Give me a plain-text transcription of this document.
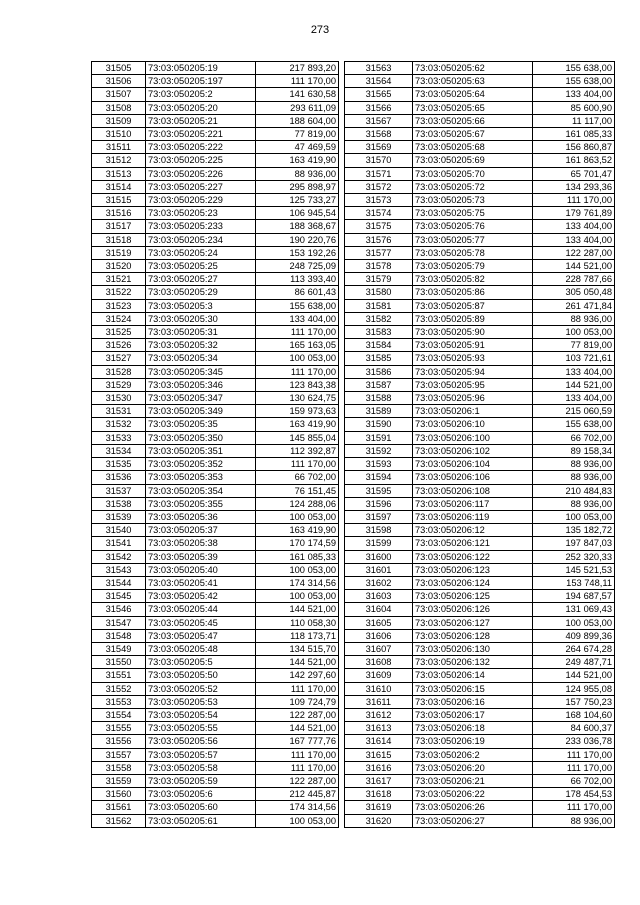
273
31505	73:03:050205:19	217 893,20
31506	73:03:050205:197	111 170,00
31507	73:03:050205:2	141 630,58
31508	73:03:050205:20	293 611,09
31509	73:03:050205:21	188 604,00
31510	73:03:050205:221	77 819,00
31511	73:03:050205:222	47 469,59
31512	73:03:050205:225	163 419,90
31513	73:03:050205:226	88 936,00
31514	73:03:050205:227	295 898,97
31515	73:03:050205:229	125 733,27
31516	73:03:050205:23	106 945,54
31517	73:03:050205:233	188 368,67
31518	73:03:050205:234	190 220,76
31519	73:03:050205:24	153 192,26
31520	73:03:050205:25	248 725,09
31521	73:03:050205:27	113 393,40
31522	73:03:050205:29	86 601,43
31523	73:03:050205:3	155 638,00
31524	73:03:050205:30	133 404,00
31525	73:03:050205:31	111 170,00
31526	73:03:050205:32	165 163,05
31527	73:03:050205:34	100 053,00
31528	73:03:050205:345	111 170,00
31529	73:03:050205:346	123 843,38
31530	73:03:050205:347	130 624,75
31531	73:03:050205:349	159 973,63
31532	73:03:050205:35	163 419,90
31533	73:03:050205:350	145 855,04
31534	73:03:050205:351	112 392,87
31535	73:03:050205:352	111 170,00
31536	73:03:050205:353	66 702,00
31537	73:03:050205:354	76 151,45
31538	73:03:050205:355	124 288,06
31539	73:03:050205:36	100 053,00
31540	73:03:050205:37	163 419,90
31541	73:03:050205:38	170 174,59
31542	73:03:050205:39	161 085,33
31543	73:03:050205:40	100 053,00
31544	73:03:050205:41	174 314,56
31545	73:03:050205:42	100 053,00
31546	73:03:050205:44	144 521,00
31547	73:03:050205:45	110 058,30
31548	73:03:050205:47	118 173,71
31549	73:03:050205:48	134 515,70
31550	73:03:050205:5	144 521,00
31551	73:03:050205:50	142 297,60
31552	73:03:050205:52	111 170,00
31553	73:03:050205:53	109 724,79
31554	73:03:050205:54	122 287,00
31555	73:03:050205:55	144 521,00
31556	73:03:050205:56	167 777,76
31557	73:03:050205:57	111 170,00
31558	73:03:050205:58	111 170,00
31559	73:03:050205:59	122 287,00
31560	73:03:050205:6	212 445,87
31561	73:03:050205:60	174 314,56
31562	73:03:050205:61	100 053,00
31563	73:03:050205:62	155 638,00
31564	73:03:050205:63	155 638,00
31565	73:03:050205:64	133 404,00
31566	73:03:050205:65	85 600,90
31567	73:03:050205:66	11 117,00
31568	73:03:050205:67	161 085,33
31569	73:03:050205:68	156 860,87
31570	73:03:050205:69	161 863,52
31571	73:03:050205:70	65 701,47
31572	73:03:050205:72	134 293,36
31573	73:03:050205:73	111 170,00
31574	73:03:050205:75	179 761,89
31575	73:03:050205:76	133 404,00
31576	73:03:050205:77	133 404,00
31577	73:03:050205:78	122 287,00
31578	73:03:050205:79	144 521,00
31579	73:03:050205:82	228 787,66
31580	73:03:050205:86	305 050,48
31581	73:03:050205:87	261 471,84
31582	73:03:050205:89	88 936,00
31583	73:03:050205:90	100 053,00
31584	73:03:050205:91	77 819,00
31585	73:03:050205:93	103 721,61
31586	73:03:050205:94	133 404,00
31587	73:03:050205:95	144 521,00
31588	73:03:050205:96	133 404,00
31589	73:03:050206:1	215 060,59
31590	73:03:050206:10	155 638,00
31591	73:03:050206:100	66 702,00
31592	73:03:050206:102	89 158,34
31593	73:03:050206:104	88 936,00
31594	73:03:050206:106	88 936,00
31595	73:03:050206:108	210 484,83
31596	73:03:050206:117	88 936,00
31597	73:03:050206:119	100 053,00
31598	73:03:050206:12	135 182,72
31599	73:03:050206:121	197 847,03
31600	73:03:050206:122	252 320,33
31601	73:03:050206:123	145 521,53
31602	73:03:050206:124	153 748,11
31603	73:03:050206:125	194 687,57
31604	73:03:050206:126	131 069,43
31605	73:03:050206:127	100 053,00
31606	73:03:050206:128	409 899,36
31607	73:03:050206:130	264 674,28
31608	73:03:050206:132	249 487,71
31609	73:03:050206:14	144 521,00
31610	73:03:050206:15	124 955,08
31611	73:03:050206:16	157 750,23
31612	73:03:050206:17	168 104,60
31613	73:03:050206:18	84 600,37
31614	73:03:050206:19	233 036,78
31615	73:03:050206:2	111 170,00
31616	73:03:050206:20	111 170,00
31617	73:03:050206:21	66 702,00
31618	73:03:050206:22	178 454,53
31619	73:03:050206:26	111 170,00
31620	73:03:050206:27	88 936,00
